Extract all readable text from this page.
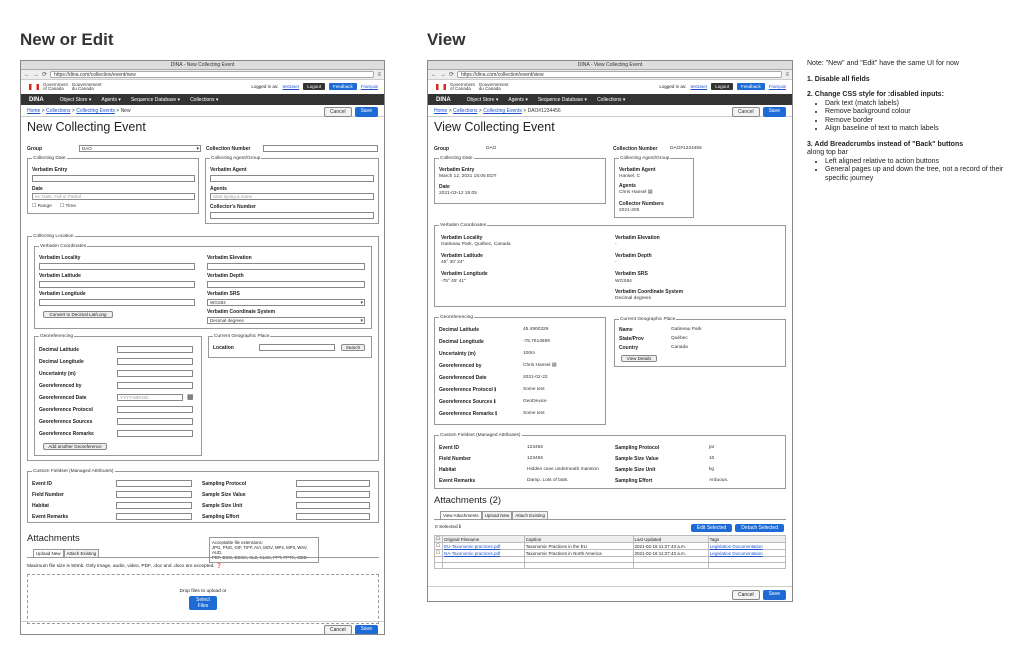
New or Edit	View
DINA - New Collecting Event
← → ⟳	https://dina.com/collection/event/new	≡
Government
of Canada
Gouvernement
du Canada	Logged in as: testUser	Logout	Feedback	Français
DINA	Object Store ▾ Agents ▾ Sequence Database ▾ Collections ▾
Home > Collections > Collecting Events > New	Cancel	Save
New Collecting Event
Group	DAO ▾	Collection Number
Collecting Date
Verbatim Entry
Date
ex: Date, Full or Partial
☐ Range ☐ Time
Collecting Agent/Group
Verbatim Agent
Agents
Start typing a name
Collector's Number
Collecting Location
Verbatim Coordinates
Verbatim Locality	Verbatim Elevation
Verbatim Latitude	Verbatim Depth
Verbatim Longitude	Verbatim SRS
WGS84 ▾
Convert to Decimal Lat/Long	Verbatim Coordinate System
Decimal degrees ▾
Georeferencing
Decimal Latitude
Decimal Longitude
Uncertainty (m)
Georeferenced by
Georeferenced Date	YYYY-MM-DD	▦
Georeference Protocol
Georeference Sources
Georeference Remarks
Add another Georeference
Current Geographic Place
Location	Search
Custom Fieldset (Managed Attributes)
Event ID	Sampling Protocol
Field Number	Sample Size Value
Habitat	Sample Size Unit
Event Remarks	Sampling Effort
Attachments	Acceptable file extensions:
JPG, PNG, GIF, TIFF, AVI, MOV, MP4, MP3, WAV, AUD,
PDF, DOC, DOCX, XLS, XLSX, PPT, PPTX, WEB
Upload New	Attach Existing
Maximum file size is 50mb. Only image, audio, video, PDF, .doc and .docx are accepted. ❓
Drop files to upload or
Select Files
Cancel	Save
DINA - View Collecting Event
← → ⟳	https://dina.com/collection/event/view	≡
Government
of Canada
Gouvernement
du Canada	Logged in as: testUser	Logout	Feedback	Français
DINA	Object Store ▾ Agents ▾ Sequence Database ▾ Collections ▾
Home > Collections > Collecting Events > DAO#1234456	Cancel	Save
View Collecting Event
Group	DAO	Collection Number	DAO#1234456
Collecting Date
Verbatim Entry
March 12, 2021 15:05 EDT
Date
2021-03-12 15:05
Collecting Agent/Group
Verbatim Agent
Hansel, C
Agents
Chris Hansel ▤
Collector Numbers
2021-205
Verbatim Coordinates
Verbatim Locality
Gatineau Park, Québec, Canada
Verbatim Elevation
-
Verbatim Latitude
45° 30' 24"
Verbatim Depth
-
Verbatim Longitude
-75° 45' 41"
Verbatim SRS
WGS84
Verbatim Coordinate System
Decimal degrees
Georeferencing
Decimal Latitude	45.4900329
Decimal Longitude	-75.7614659
Uncertainty (m)	100m
Georeferenced by	Chris Hansel ▤
Georeferenced Date	2021-02-22
Georeference Protocol ℹ	Some text
Georeference Sources ℹ	GeoDevice
Georeference Remarks ℹ	Some text
Current Geographic Place
Name	Gatineau Park
State/Prov	Québec
Country	Canada
View Details
Custom Fieldset (Managed Attributes)
Event ID	123456	Sampling Protocol	jar
Field Number	123456	Sample Size Value	10
Habitat	Hidden cave underneath mansion	Sample Size Unit	kg
Event Remarks	Damp. Lots of bats.	Sampling Effort	Arduous.
Attachments (2)
View Attachments	Upload New	Attach Existing
0 Selected ℹ	Edit Selected	Detach Selected
☐	Original Filename	Caption	Last Updated	Tags
☐	EU-Taxonomic-practices.pdf	Taxonomic Practices in the EU	2021-02-18 11:27:43 a.m.	Legislation Documentation
☐	NA-Taxonomic-practices.pdf	Taxonomic Practices in North America	2021-02-18 11:27:43 a.m.	Legislation Documentation

Cancel	Save
Note: "New" and "Edit" have the same UI for now
1. Disable all fields
2. Change CSS style for :disabled inputs:
• Dark text (match labels)
• Remove background colour
• Remove border
• Align baseline of text to match labels
3. Add Breadcrumbs instead of "Back" buttons
along top bar
• Left aligned relative to action buttons
• General pages up and down the tree, not a record of their specific journey
